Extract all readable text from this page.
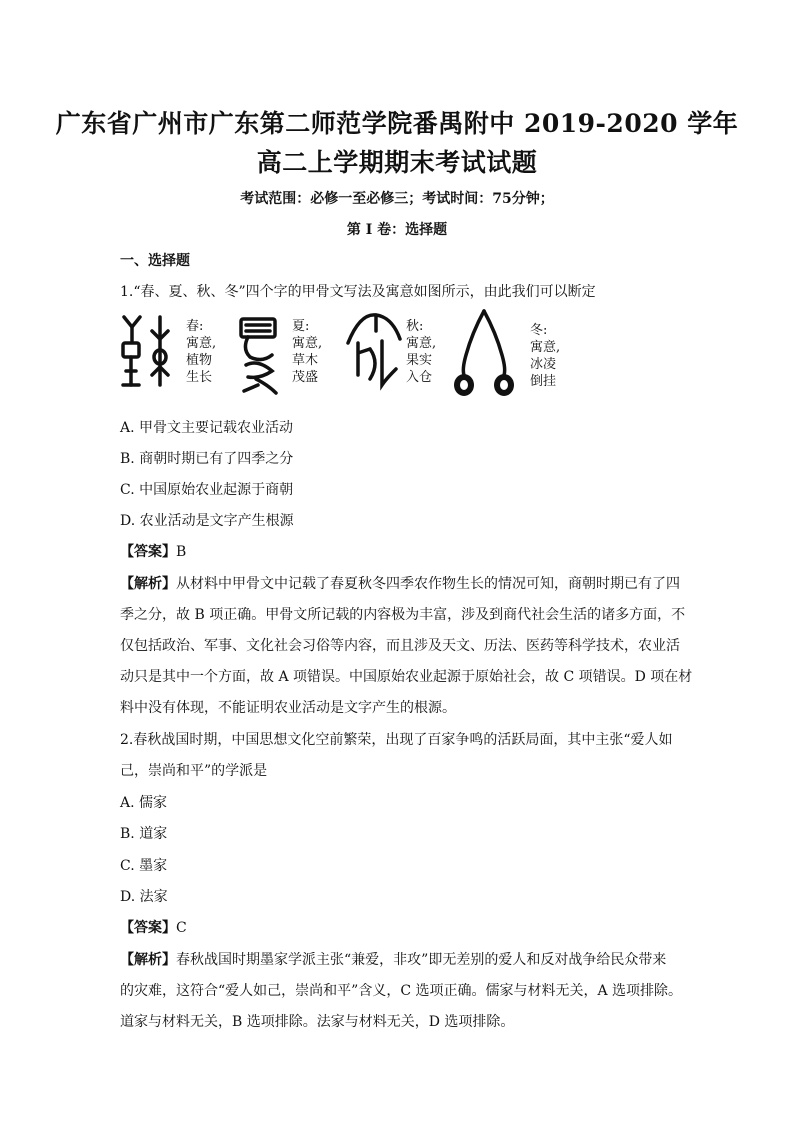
广东省广州市广东第二师范学院番禺附中 2019-2020 学年
高二上学期期末考试试题
考试范围：必修一至必修三；考试时间：75分钟；
第 I 卷：选择题
一、选择题
1.“春、夏、秋、冬”四个字的甲骨文写法及寓意如图所示，由此我们可以断定
春:
寓意,
植物
生长
夏:
寓意,
草木
茂盛
秋:
寓意,
果实
入仓
冬:
寓意,
冰凌
倒挂
A. 甲骨文主要记载农业活动
B. 商朝时期已有了四季之分
C. 中国原始农业起源于商朝
D. 农业活动是文字产生根源
【答案】B
【解析】从材料中甲骨文中记载了春夏秋冬四季农作物生长的情况可知，商朝时期已有了四
季之分，故 B 项正确。甲骨文所记载的内容极为丰富，涉及到商代社会生活的诸多方面，不
仅包括政治、军事、文化社会习俗等内容，而且涉及天文、历法、医药等科学技术，农业活
动只是其中一个方面，故 A 项错误。中国原始农业起源于原始社会，故 C 项错误。D 项在材
料中没有体现，不能证明农业活动是文字产生的根源。
2.春秋战国时期，中国思想文化空前繁荣，出现了百家争鸣的活跃局面，其中主张“爱人如
己，崇尚和平”的学派是
A. 儒家
B. 道家
C. 墨家
D. 法家
【答案】C
【解析】春秋战国时期墨家学派主张“兼爱，非攻”即无差别的爱人和反对战争给民众带来
的灾难，这符合“爱人如己，崇尚和平”含义，C 选项正确。儒家与材料无关，A 选项排除。
道家与材料无关，B 选项排除。法家与材料无关，D 选项排除。
